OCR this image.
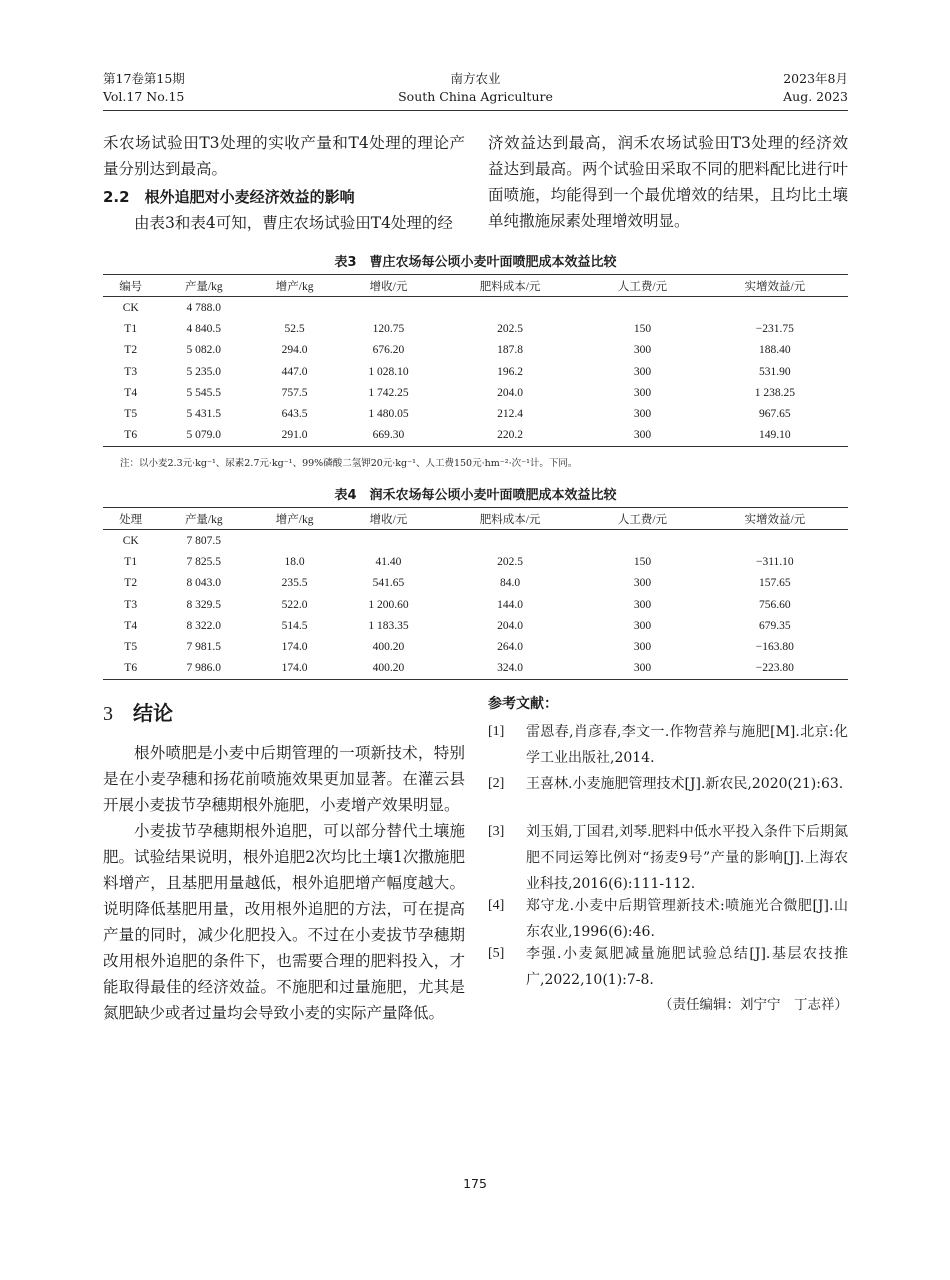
第17卷第15期
Vol.17 No.15
南方农业
South China Agriculture
2023年8月
Aug. 2023
禾农场试验田T3处理的实收产量和T4处理的理论产量分别达到最高。
2.2　根外追肥对小麦经济效益的影响
由表3和表4可知，曹庄农场试验田T4处理的经
济效益达到最高，润禾农场试验田T3处理的经济效益达到最高。两个试验田采取不同的肥料配比进行叶面喷施，均能得到一个最优增效的结果，且均比土壤单纯撒施尿素处理增效明显。
表3　曹庄农场每公顷小麦叶面喷肥成本效益比较
编号	产量/kg	增产/kg	增收/元	肥料成本/元	人工费/元	实增效益/元
CK	4 788.0					
T1	4 840.5	52.5	120.75	202.5	150	−231.75
T2	5 082.0	294.0	676.20	187.8	300	188.40
T3	5 235.0	447.0	1 028.10	196.2	300	531.90
T4	5 545.5	757.5	1 742.25	204.0	300	1 238.25
T5	5 431.5	643.5	1 480.05	212.4	300	967.65
T6	5 079.0	291.0	669.30	220.2	300	149.10
注：以小麦2.3元·kg⁻¹、尿素2.7元·kg⁻¹、99%磷酸二氢钾20元·kg⁻¹、人工费150元·hm⁻²·次⁻¹计。下同。
表4　润禾农场每公顷小麦叶面喷肥成本效益比较
处理	产量/kg	增产/kg	增收/元	肥料成本/元	人工费/元	实增效益/元
CK	7 807.5					
T1	7 825.5	18.0	41.40	202.5	150	−311.10
T2	8 043.0	235.5	541.65	84.0	300	157.65
T3	8 329.5	522.0	1 200.60	144.0	300	756.60
T4	8 322.0	514.5	1 183.35	204.0	300	679.35
T5	7 981.5	174.0	400.20	264.0	300	−163.80
T6	7 986.0	174.0	400.20	324.0	300	−223.80
3 结论
根外喷肥是小麦中后期管理的一项新技术，特别是在小麦孕穗和扬花前喷施效果更加显著。在灌云县开展小麦拔节孕穗期根外施肥，小麦增产效果明显。
小麦拔节孕穗期根外追肥，可以部分替代土壤施肥。试验结果说明，根外追肥2次均比土壤1次撒施肥料增产，且基肥用量越低，根外追肥增产幅度越大。说明降低基肥用量，改用根外追肥的方法，可在提高产量的同时，减少化肥投入。不过在小麦拔节孕穗期改用根外追肥的条件下，也需要合理的肥料投入，才能取得最佳的经济效益。不施肥和过量施肥，尤其是氮肥缺少或者过量均会导致小麦的实际产量降低。
参考文献：
[1] 雷恩春,肖彦春,李文一.作物营养与施肥[M].北京:化学工业出版社,2014.
[2] 王喜林.小麦施肥管理技术[J].新农民,2020(21):63.
[3] 刘玉娟,丁国君,刘琴.肥料中低水平投入条件下后期氮肥不同运筹比例对“扬麦9号”产量的影响[J].上海农业科技,2016(6):111-112.
[4] 郑守龙.小麦中后期管理新技术:喷施光合微肥[J].山东农业,1996(6):46.
[5] 李强.小麦氮肥减量施肥试验总结[J].基层农技推广,2022,10(1):7-8.
（责任编辑：刘宁宁　丁志祥）
175
